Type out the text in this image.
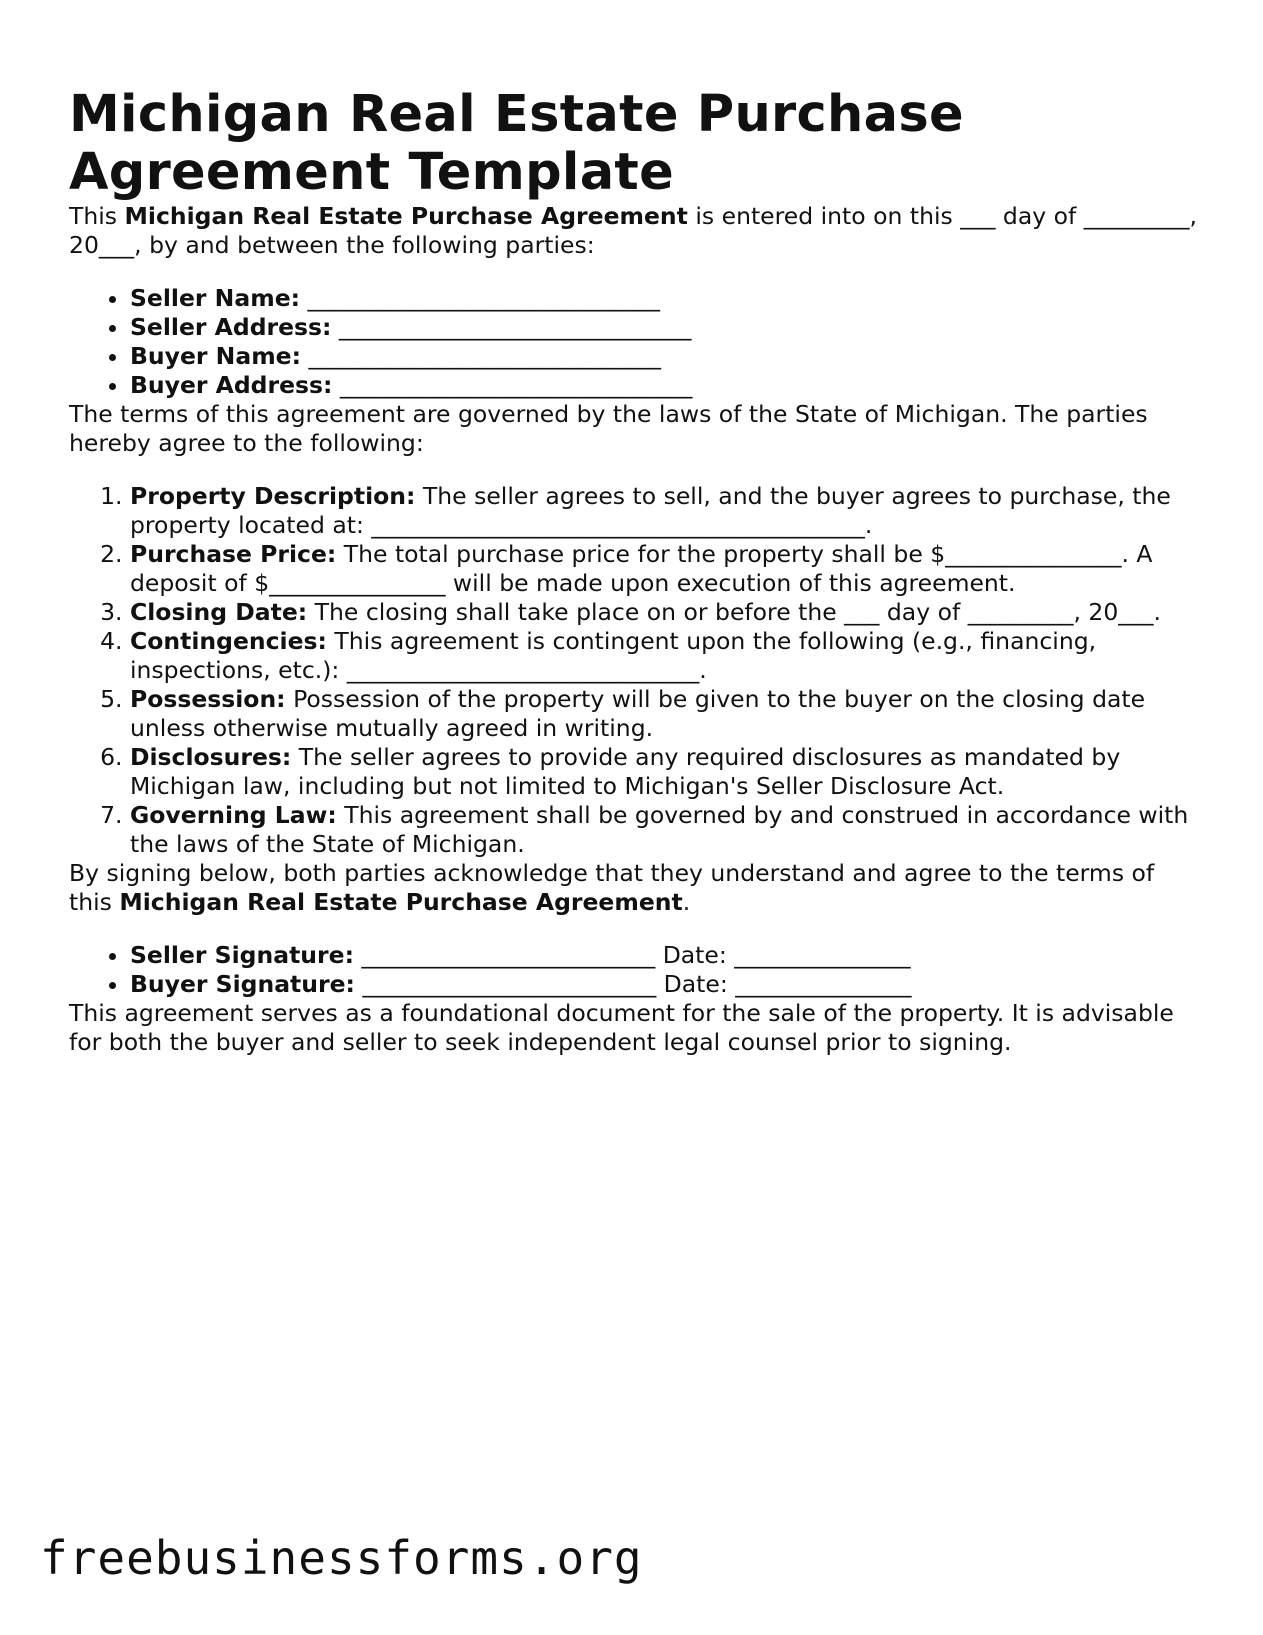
Michigan Real Estate Purchase
Agreement Template

This Michigan Real Estate Purchase Agreement is entered into on this ___ day of _________, 20___, by and between the following parties:

• Seller Name: ______________________________
• Seller Address: ______________________________
• Buyer Name: ______________________________
• Buyer Address: ______________________________

The terms of this agreement are governed by the laws of the State of Michigan. The parties hereby agree to the following:

1. Property Description: The seller agrees to sell, and the buyer agrees to purchase, the property located at: __________________________________________.
2. Purchase Price: The total purchase price for the property shall be $_______________. A deposit of $_______________ will be made upon execution of this agreement.
3. Closing Date: The closing shall take place on or before the ___ day of _________, 20___.
4. Contingencies: This agreement is contingent upon the following (e.g., financing, inspections, etc.): ______________________________.
5. Possession: Possession of the property will be given to the buyer on the closing date unless otherwise mutually agreed in writing.
6. Disclosures: The seller agrees to provide any required disclosures as mandated by Michigan law, including but not limited to Michigan's Seller Disclosure Act.
7. Governing Law: This agreement shall be governed by and construed in accordance with the laws of the State of Michigan.

By signing below, both parties acknowledge that they understand and agree to the terms of this Michigan Real Estate Purchase Agreement.

• Seller Signature: _________________________ Date: _______________
• Buyer Signature: _________________________ Date: _______________

This agreement serves as a foundational document for the sale of the property. It is advisable for both the buyer and seller to seek independent legal counsel prior to signing.

freebusinessforms.org
